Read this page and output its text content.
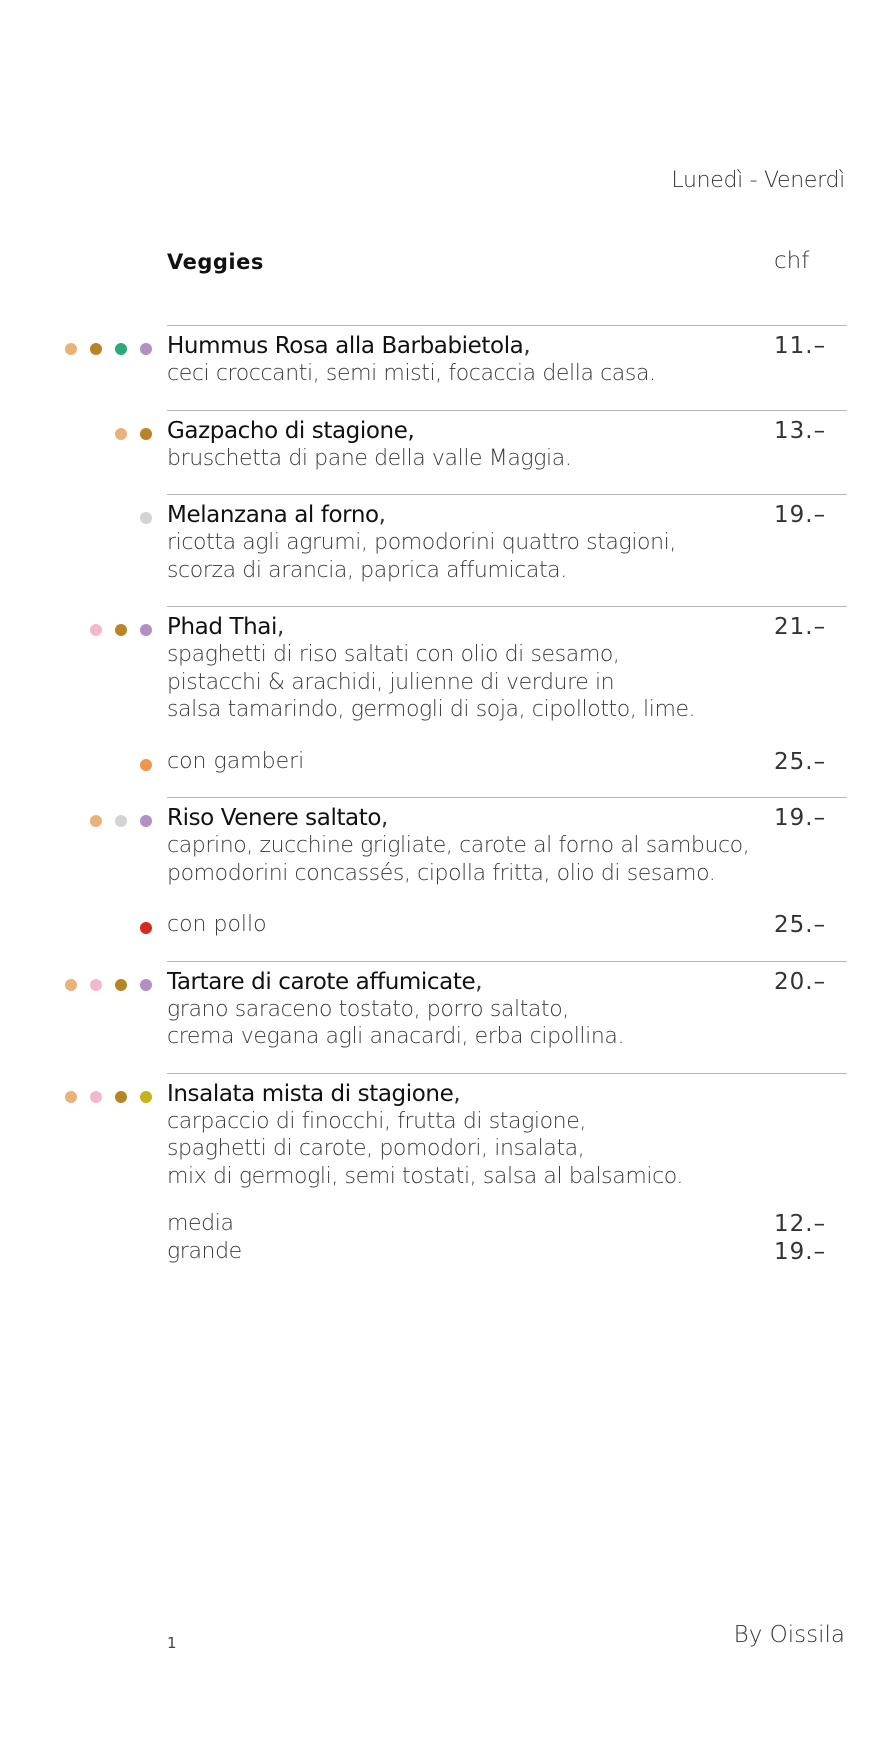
Lunedì - Venerdì
Veggies	chf
Hummus Rosa alla Barbabietola,	11.–
ceci croccanti, semi misti, focaccia della casa.
Gazpacho di stagione,	13.–
bruschetta di pane della valle Maggia.
Melanzana al forno,	19.–
ricotta agli agrumi, pomodorini quattro stagioni,
scorza di arancia, paprica affumicata.
Phad Thai,	21.–
spaghetti di riso saltati con olio di sesamo,
pistacchi & arachidi, julienne di verdure in
salsa tamarindo, germogli di soja, cipollotto, lime.
con gamberi	25.–
Riso Venere saltato,	19.–
caprino, zucchine grigliate, carote al forno al sambuco,
pomodorini concassés, cipolla fritta, olio di sesamo.
con pollo	25.–
Tartare di carote affumicate,	20.–
grano saraceno tostato, porro saltato,
crema vegana agli anacardi, erba cipollina.
Insalata mista di stagione,
carpaccio di finocchi, frutta di stagione,
spaghetti di carote, pomodori, insalata,
mix di germogli, semi tostati, salsa al balsamico.
media	12.–
grande	19.–
1	By Oissila
